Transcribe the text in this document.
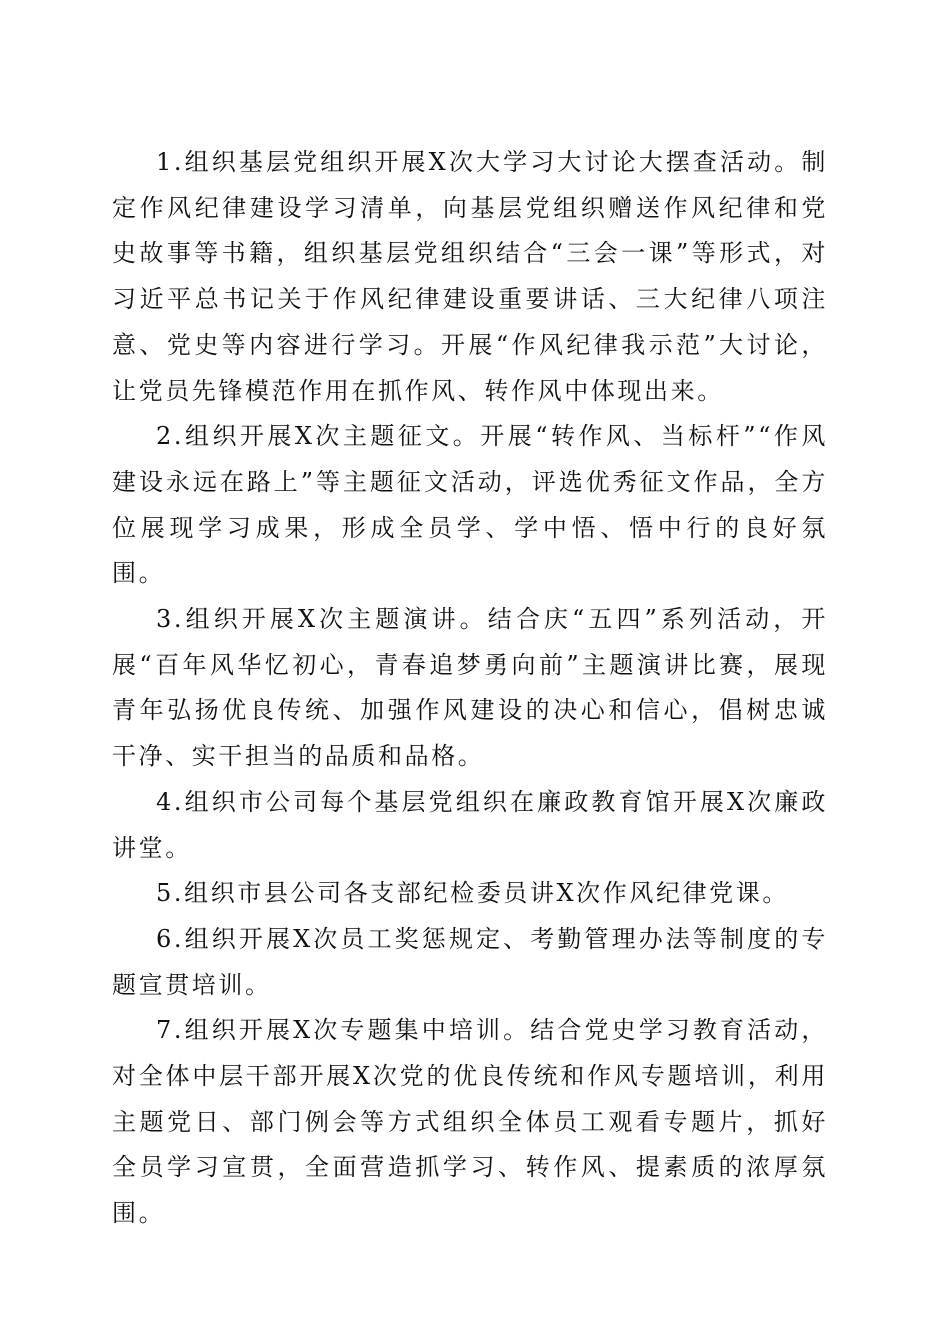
1.组织基层党组织开展X次大学习大讨论大摆查活动。制定作风纪律建设学习清单，向基层党组织赠送作风纪律和党史故事等书籍，组织基层党组织结合“三会一课”等形式，对习近平总书记关于作风纪律建设重要讲话、三大纪律八项注意、党史等内容进行学习。开展“作风纪律我示范”大讨论，让党员先锋模范作用在抓作风、转作风中体现出来。

2.组织开展X次主题征文。开展“转作风、当标杆”“作风建设永远在路上”等主题征文活动，评选优秀征文作品，全方位展现学习成果，形成全员学、学中悟、悟中行的良好氛围。

3.组织开展X次主题演讲。结合庆“五四”系列活动，开展“百年风华忆初心，青春追梦勇向前”主题演讲比赛，展现青年弘扬优良传统、加强作风建设的决心和信心，倡树忠诚干净、实干担当的品质和品格。

4.组织市公司每个基层党组织在廉政教育馆开展X次廉政讲堂。

5.组织市县公司各支部纪检委员讲X次作风纪律党课。

6.组织开展X次员工奖惩规定、考勤管理办法等制度的专题宣贯培训。

7.组织开展X次专题集中培训。结合党史学习教育活动，对全体中层干部开展X次党的优良传统和作风专题培训，利用主题党日、部门例会等方式组织全体员工观看专题片，抓好全员学习宣贯，全面营造抓学习、转作风、提素质的浓厚氛围。
